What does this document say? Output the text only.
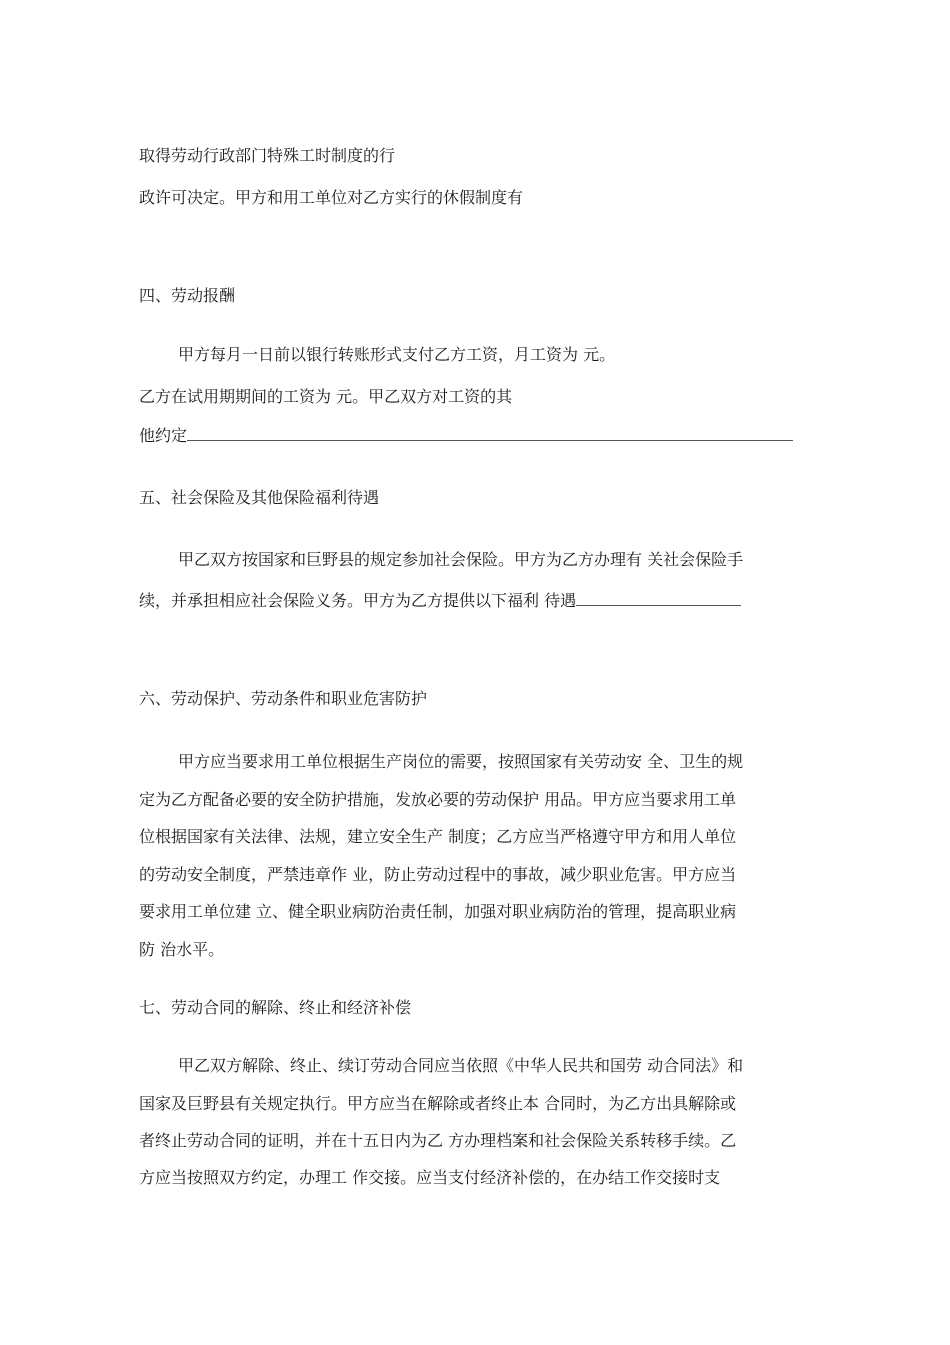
取得劳动行政部门特殊工时制度的行
政许可决定。甲方和用工单位对乙方实行的休假制度有
四、劳动报酬
甲方每月一日前以银行转账形式支付乙方工资，月工资为 元。
乙方在试用期期间的工资为 元。甲乙双方对工资的其
他约定
五、社会保险及其他保险福利待遇
甲乙双方按国家和巨野县的规定参加社会保险。甲方为乙方办理有 关社会保险手
续，并承担相应社会保险义务。甲方为乙方提供以下福利 待遇
六、劳动保护、劳动条件和职业危害防护
甲方应当要求用工单位根据生产岗位的需要，按照国家有关劳动安 全、卫生的规
定为乙方配备必要的安全防护措施，发放必要的劳动保护 用品。甲方应当要求用工单
位根据国家有关法律、法规，建立安全生产 制度；乙方应当严格遵守甲方和用人单位
的劳动安全制度，严禁违章作 业，防止劳动过程中的事故，减少职业危害。甲方应当
要求用工单位建 立、健全职业病防治责任制，加强对职业病防治的管理，提高职业病
防 治水平。
七、劳动合同的解除、终止和经济补偿
甲乙双方解除、终止、续订劳动合同应当依照《中华人民共和国劳 动合同法》和
国家及巨野县有关规定执行。甲方应当在解除或者终止本 合同时，为乙方出具解除或
者终止劳动合同的证明，并在十五日内为乙 方办理档案和社会保险关系转移手续。乙
方应当按照双方约定，办理工 作交接。应当支付经济补偿的，在办结工作交接时支
